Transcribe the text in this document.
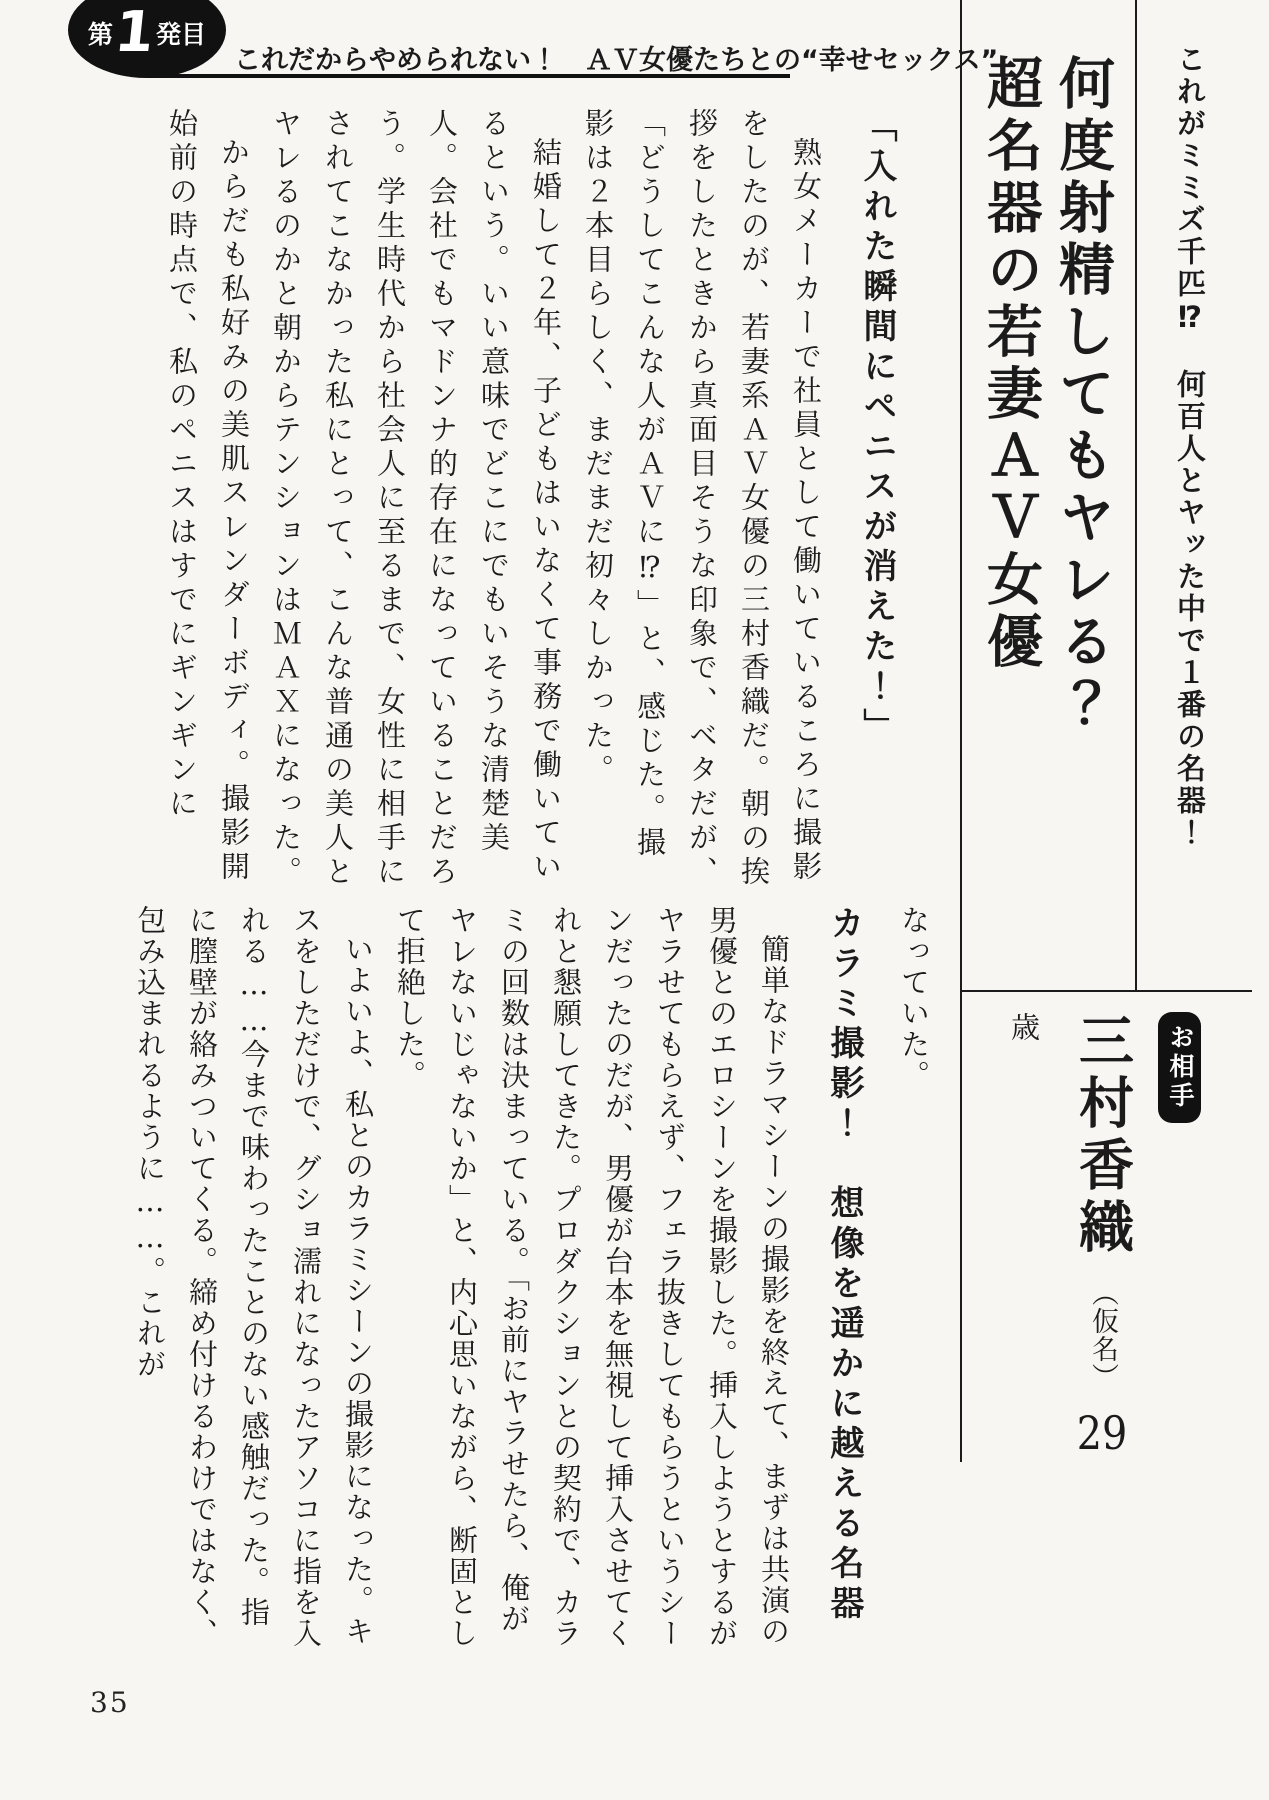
第
1
発目
これだからやめられない！　ＡＶ女優たちとの“幸せセックス”	これがミミズ千匹⁉　何百人とヤッた中で１番の名器！
何度射精してもヤレる？
超名器の若妻ＡＶ女優
お相手
三村香織 （仮名） 29 歳
「入れた瞬間にペニスが消えた！」

熟女メーカーで社員として働いているころに撮影をしたのが、若妻系ＡＶ女優の三村香織だ。朝の挨拶をしたときから真面目そうな印象で、ベタだが、「どうしてこんな人がＡＶに⁉」と、感じた。撮影は２本目らしく、まだまだ初々しかった。

結婚して２年、子どもはいなくて事務で働いているという。いい意味でどこにでもいそうな清楚美人。会社でもマドンナ的存在になっていることだろう。学生時代から社会人に至るまで、女性に相手にされてこなかった私にとって、こんな普通の美人とヤレるのかと朝からテンションはＭＡＸになった。

からだも私好みの美肌スレンダーボディ。撮影開始前の時点で、私のペニスはすでにギンギンに

なっていた。

カラミ撮影！　想像を遥かに越える名器

簡単なドラマシーンの撮影を終えて、まずは共演の男優とのエロシーンを撮影した。挿入しようとするがヤラせてもらえず、フェラ抜きしてもらうというシーンだったのだが、男優が台本を無視して挿入させてくれと懇願してきた。プロダクションとの契約で、カラミの回数は決まっている。「お前にヤラせたら、俺がヤレないじゃないか」と、内心思いながら、断固として拒絶した。

いよいよ、私とのカラミシーンの撮影になった。キスをしただけで、グショ濡れになったアソコに指を入れる……今まで味わったことのない感触だった。指に膣壁が絡みついてくる。締め付けるわけではなく、包み込まれるように……。これが

35
